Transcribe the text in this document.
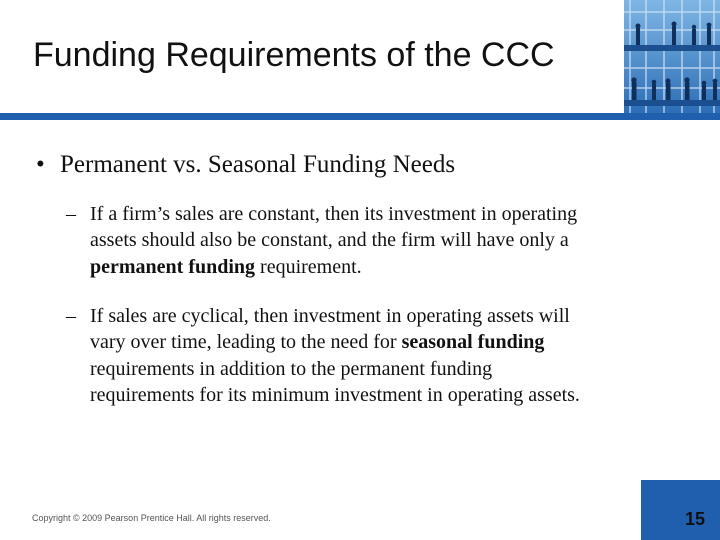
Funding Requirements of the CCC
• Permanent vs. Seasonal Funding Needs
– If a firm’s sales are constant, then its investment in operating
assets should also be constant, and the firm will have only a
permanent funding requirement.
– If sales are cyclical, then investment in operating assets will
vary over time, leading to the need for seasonal funding
requirements in addition to the permanent funding
requirements for its minimum investment in operating assets.
Copyright © 2009 Pearson Prentice Hall. All rights reserved.	15
